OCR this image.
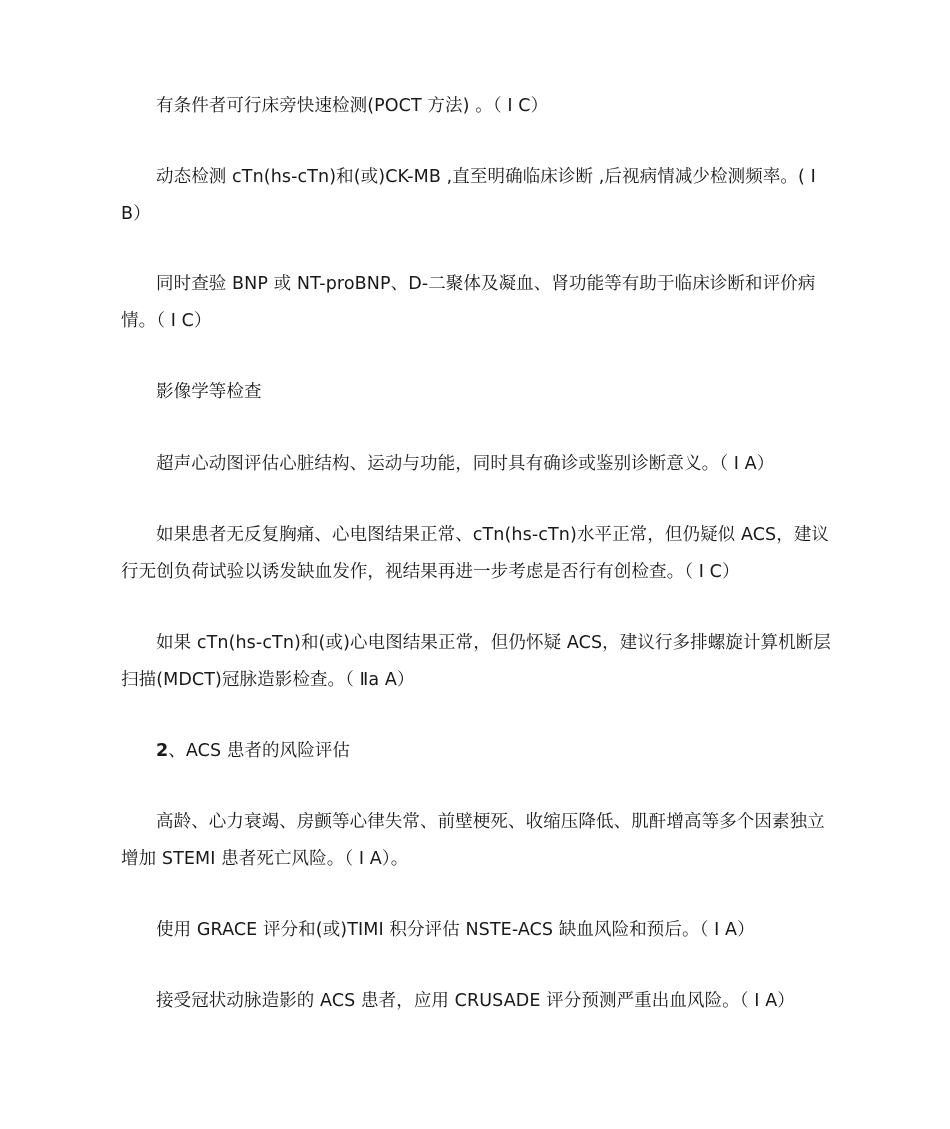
有条件者可行床旁快速检测(POCT 方法) 。（ Ⅰ C）

动态检测 cTn(hs-cTn)和(或)CK-MB ,直至明确临床诊断 ,后视病情减少检测频率。( Ⅰ B）

同时查验 BNP 或 NT-proBNP、D-二聚体及凝血、肾功能等有助于临床诊断和评价病情。（ Ⅰ C）

影像学等检查

超声心动图评估心脏结构、运动与功能，同时具有确诊或鉴别诊断意义。（ Ⅰ A）

如果患者无反复胸痛、心电图结果正常、cTn(hs-cTn)水平正常，但仍疑似 ACS，建议行无创负荷试验以诱发缺血发作，视结果再进一步考虑是否行有创检查。（ Ⅰ C）

如果 cTn(hs-cTn)和(或)心电图结果正常，但仍怀疑 ACS，建议行多排螺旋计算机断层扫描(MDCT)冠脉造影检查。（ Ⅱa A）

2、ACS 患者的风险评估

高龄、心力衰竭、房颤等心律失常、前壁梗死、收缩压降低、肌酐增高等多个因素独立增加 STEMI 患者死亡风险。（ Ⅰ A）。

使用 GRACE 评分和(或)TIMI 积分评估 NSTE-ACS 缺血风险和预后。（ Ⅰ A）

接受冠状动脉造影的 ACS 患者，应用 CRUSADE 评分预测严重出血风险。（ Ⅰ A）
